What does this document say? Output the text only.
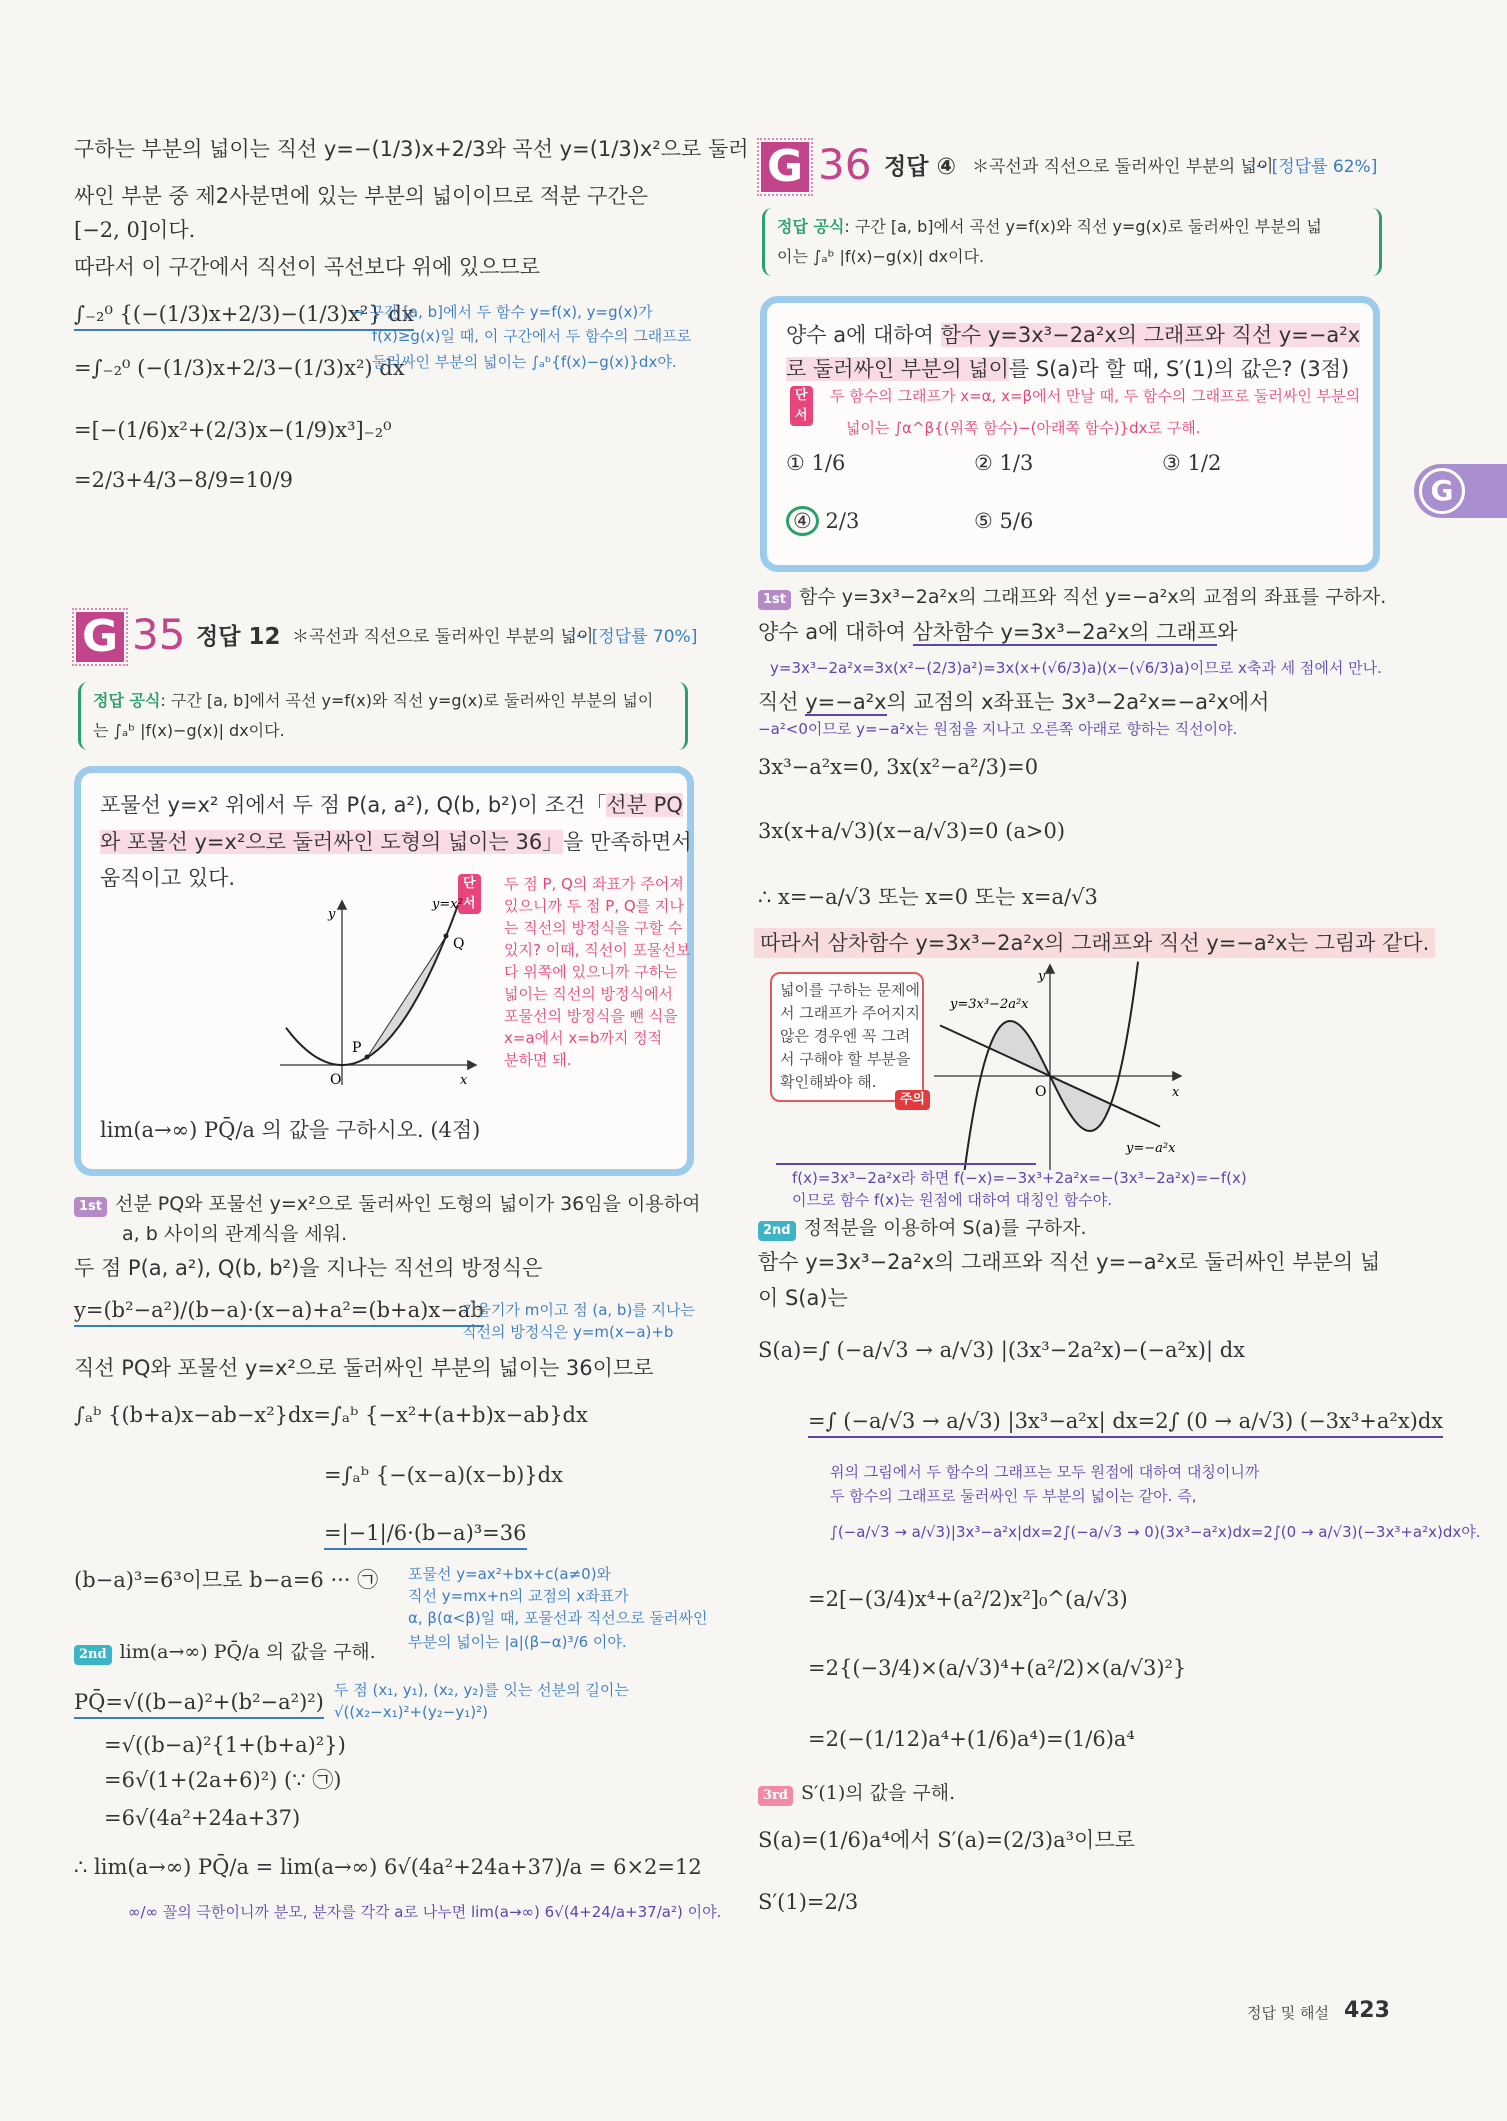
구하는 부분의 넓이는 직선 y=−(1/3)x+2/3와 곡선 y=(1/3)x²으로 둘러
싸인 부분 중 제2사분면에 있는 부분의 넓이이므로 적분 구간은
[−2, 0]이다.
따라서 이 구간에서 직선이 곡선보다 위에 있으므로
∫₋₂⁰ {(−(1/3)x+2/3)−(1/3)x²} dx
=∫₋₂⁰ (−(1/3)x+2/3−(1/3)x²) dx
=[−(1/6)x²+(2/3)x−(1/9)x³]₋₂⁰
=2/3+4/3−8/9=10/9
→ 구간 [a, b]에서 두 함수 y=f(x), y=g(x)가
f(x)≥g(x)일 때, 이 구간에서 두 함수의 그래프로
둘러싸인 부분의 넓이는 ∫ₐᵇ{f(x)−g(x)}dx야.
G 35 정답 12 ＊곡선과 직선으로 둘러싸인 부분의 넓이
··· [정답률 70%]
정답 공식: 구간 [a, b]에서 곡선 y=f(x)와 직선 y=g(x)로 둘러싸인 부분의 넓이
는 ∫ₐᵇ |f(x)−g(x)| dx이다.
포물선 y=x² 위에서 두 점 P(a, a²), Q(b, b²)이 조건「선분 PQ
와 포물선 y=x²으로 둘러싸인 도형의 넓이는 36」을 만족하면서
움직이고 있다.	단서
두 점 P, Q의 좌표가 주어져
있으니까 두 점 P, Q를 지나
는 직선의 방정식을 구할 수
있지? 이때, 직선이 포물선보
다 위쪽에 있으니까 구하는
넓이는 직선의 방정식에서
포물선의 방정식을 뺀 식을
x=a에서 x=b까지 정적
분하면 돼.
y
x
O
y=x²
P
Q
lim(a→∞) PQ̄/a 의 값을 구하시오. (4점)
1st 선분 PQ와 포물선 y=x²으로 둘러싸인 도형의 넓이가 36임을 이용하여
a, b 사이의 관계식을 세워.
두 점 P(a, a²), Q(b, b²)을 지나는 직선의 방정식은
y=(b²−a²)/(b−a)·(x−a)+a²=(b+a)x−ab
기울기가 m이고 점 (a, b)를 지나는
직선의 방정식은 y=m(x−a)+b
직선 PQ와 포물선 y=x²으로 둘러싸인 부분의 넓이는 36이므로
∫ₐᵇ {(b+a)x−ab−x²}dx=∫ₐᵇ {−x²+(a+b)x−ab}dx
=∫ₐᵇ {−(x−a)(x−b)}dx
=|−1|/6·(b−a)³=36
(b−a)³=6³이므로 b−a=6 ··· ㉠ 포물선 y=ax²+bx+c(a≠0)와
직선 y=mx+n의 교점의 x좌표가
α, β(α<β)일 때, 포물선과 직선으로 둘러싸인
부분의 넓이는 |a|(β−α)³/6 이야.
2nd lim(a→∞) PQ̄/a 의 값을 구해.
PQ̄=√((b−a)²+(b²−a²)²) 두 점 (x₁, y₁), (x₂, y₂)를 잇는 선분의 길이는
√((x₂−x₁)²+(y₂−y₁)²)
=√((b−a)²{1+(b+a)²})
=6√(1+(2a+6)²) (∵ ㉠)
=6√(4a²+24a+37)
∴ lim(a→∞) PQ̄/a = lim(a→∞) 6√(4a²+24a+37)/a = 6×2=12
∞/∞ 꼴의 극한이니까 분모, 분자를 각각 a로 나누면 lim(a→∞) 6√(4+24/a+37/a²) 이야.
G 36 정답 ④ ＊곡선과 직선으로 둘러싸인 부분의 넓이
··· [정답률 62%]
정답 공식: 구간 [a, b]에서 곡선 y=f(x)와 직선 y=g(x)로 둘러싸인 부분의 넓
이는 ∫ₐᵇ |f(x)−g(x)| dx이다.
양수 a에 대하여 함수 y=3x³−2a²x의 그래프와 직선 y=−a²x
로 둘러싸인 부분의 넓이를 S(a)라 할 때, S′(1)의 값은? (3점)
단서
두 함수의 그래프가 x=α, x=β에서 만날 때, 두 함수의 그래프로 둘러싸인 부분의
넓이는 ∫α^β{(위쪽 함수)−(아래쪽 함수)}dx로 구해.
① 1/6	② 1/3	③ 1/2
④ 2/3	⑤ 5/6
1st 함수 y=3x³−2a²x의 그래프와 직선 y=−a²x의 교점의 좌표를 구하자.
양수 a에 대하여 삼차함수 y=3x³−2a²x의 그래프와
y=3x³−2a²x=3x(x²−(2/3)a²)=3x(x+(√6/3)a)(x−(√6/3)a)이므로 x축과 세 점에서 만나.
직선 y=−a²x의 교점의 x좌표는 3x³−2a²x=−a²x에서
−a²<0이므로 y=−a²x는 원점을 지나고 오른쪽 아래로 향하는 직선이야.
3x³−a²x=0, 3x(x²−a²/3)=0
3x(x+a/√3)(x−a/√3)=0 (a>0)
∴ x=−a/√3 또는 x=0 또는 x=a/√3
따라서 삼차함수 y=3x³−2a²x의 그래프와 직선 y=−a²x는 그림과 같다.
넓이를 구하는 문제에
서 그래프가 주어지지
않은 경우엔 꼭 그려
서 구해야 할 부분을
확인해봐야 해.
주의
y
x
O
y=3x³−2a²x
y=−a²x
f(x)=3x³−2a²x라 하면 f(−x)=−3x³+2a²x=−(3x³−2a²x)=−f(x)
이므로 함수 f(x)는 원점에 대하여 대칭인 함수야.
2nd 정적분을 이용하여 S(a)를 구하자.
함수 y=3x³−2a²x의 그래프와 직선 y=−a²x로 둘러싸인 부분의 넓
이 S(a)는
S(a)=∫ (−a/√3 → a/√3) |(3x³−2a²x)−(−a²x)| dx
=∫ (−a/√3 → a/√3) |3x³−a²x| dx=2∫ (0 → a/√3) (−3x³+a²x)dx
위의 그림에서 두 함수의 그래프는 모두 원점에 대하여 대칭이니까
두 함수의 그래프로 둘러싸인 두 부분의 넓이는 같아. 즉,
∫(−a/√3 → a/√3)|3x³−a²x|dx=2∫(−a/√3 → 0)(3x³−a²x)dx=2∫(0 → a/√3)(−3x³+a²x)dx야.
=2[−(3/4)x⁴+(a²/2)x²]₀^(a/√3)
=2{(−3/4)×(a/√3)⁴+(a²/2)×(a/√3)²}
=2(−(1/12)a⁴+(1/6)a⁴)=(1/6)a⁴
3rd S′(1)의 값을 구해.
S(a)=(1/6)a⁴에서 S′(a)=(2/3)a³이므로
S′(1)=2/3
G
정답 및 해설 423
